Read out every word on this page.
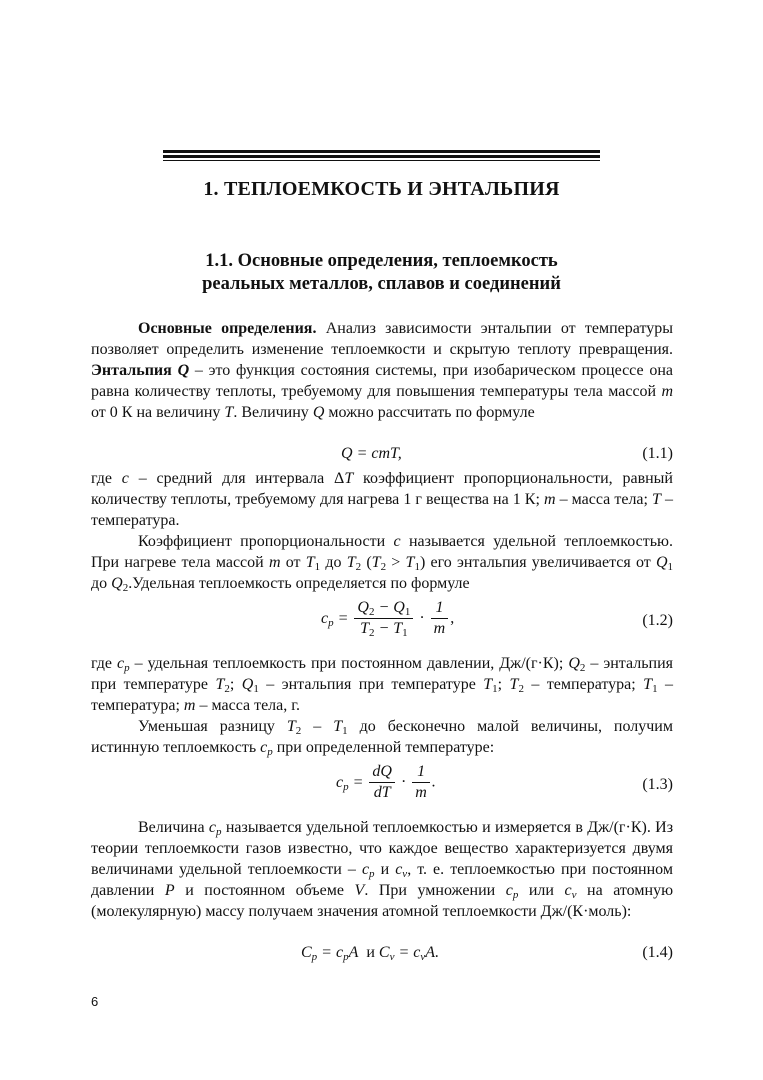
1. ТЕПЛОЕМКОСТЬ И ЭНТАЛЬПИЯ
1.1. Основные определения, теплоемкость
реальных металлов, сплавов и соединений

Основные определения. Анализ зависимости энтальпии от температуры позволяет определить изменение теплоемкости и скрытую теплоту превращения. Энтальпия Q – это функция состояния системы, при изобарическом процессе она равна количеству теплоты, требуемому для повышения температуры тела массой m от 0 К на величину T. Величину Q можно рассчитать по формуле

Q = cmT,	(1.1)

где c – средний для интервала ΔT коэффициент пропорциональности, равный количеству теплоты, требуемому для нагрева 1 г вещества на 1 К; m – масса тела; T – температура.

Коэффициент пропорциональности c называется удельной теплоемкостью. При нагреве тела массой m от $T_1$ до $T_2$ $(T_2 > T_1)$ его энтальпия увеличивается от $Q_1$ до $Q_2.Удельная$ теплоемкость определяется по формуле

$c_p = \frac{Q_2 - Q_1}{T_2 - T_1} \cdot \frac{1}{m}$ ,	(1.2)

где $c_p$ – удельная теплоемкость при постоянном давлении, Дж/(г·К); $Q_2$ – энтальпия при температуре $T_2$; $Q_1$ – энтальпия при температуре $T_1$; $T_2$ – температура; $T_1$ – температура; m – масса тела, г.

Уменьшая разницу $T_2 - T_1$ до бесконечно малой величины, получим истинную теплоемкость $c_p$ при определенной температуре:

$c_p = \frac{dQ}{dT} \cdot \frac{1}{m}$ .	(1.3)

Величина $c_p$ называется удельной теплоемкостью и измеряется в Дж/(г·К). Из теории теплоемкости газов известно, что каждое вещество характеризуется двумя величинами удельной теплоемкости – $c_p$ и $c_v$, т. е. теплоемкостью при постоянном давлении P и постоянном объеме V. При умножении $c_p$ или $c_v$ на атомную (молекулярную) массу получаем значения атомной теплоемкости Дж/(К·моль):

$C_p = c_pA$ и $C_v = c_vA$.	(1.4)
6
